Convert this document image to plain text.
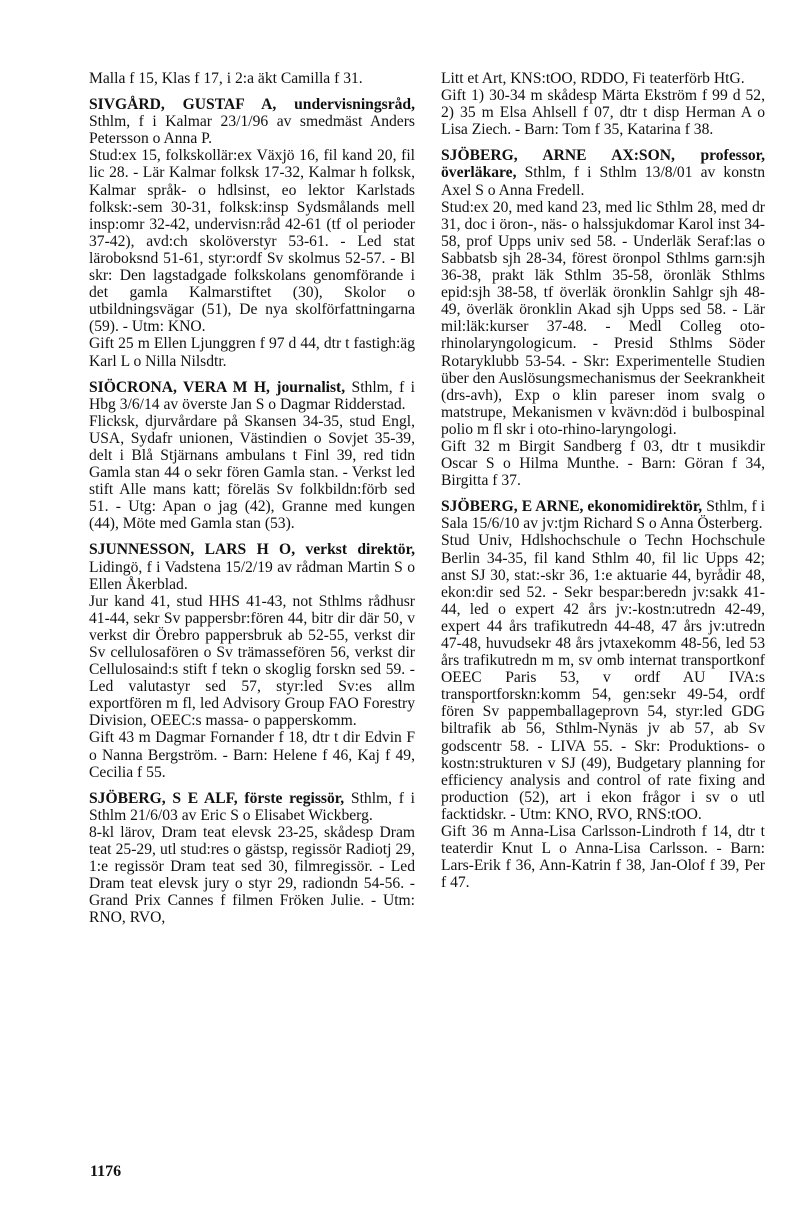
Malla f 15, Klas f 17, i 2:a äkt Camilla f 31.
SIVGÅRD, GUSTAF A, undervisningsråd, Sthlm, f i Kalmar 23/1/96 av smedmäst Anders Petersson o Anna P.
Stud:ex 15, folkskollär:ex Växjö 16, fil kand 20, fil lic 28. - Lär Kalmar folksk 17-32, Kalmar h folksk, Kalmar språk- o hdlsinst, eo lektor Karlstads folksk:-sem 30-31, folksk:insp Sydsmålands mell insp:omr 32-42, undervisn:råd 42-61 (tf ol perioder 37-42), avd:ch skolöverstyr 53-61. - Led stat läroboksnd 51-61, styr:ordf Sv skolmus 52-57. - Bl skr: Den lagstadgade folkskolans genomförande i det gamla Kalmarstiftet (30), Skolor o utbildningsvägar (51), De nya skolförfattningarna (59). - Utm: KNO.
Gift 25 m Ellen Ljunggren f 97 d 44, dtr t fastigh:äg Karl L o Nilla Nilsdtr.
SIÖCRONA, VERA M H, journalist, Sthlm, f i Hbg 3/6/14 av överste Jan S o Dagmar Ridderstad.
Flicksk, djurvårdare på Skansen 34-35, stud Engl, USA, Sydafr unionen, Västindien o Sovjet 35-39, delt i Blå Stjärnans ambulans t Finl 39, red tidn Gamla stan 44 o sekr fören Gamla stan. - Verkst led stift Alle mans katt; föreläs Sv folkbildn:förb sed 51. - Utg: Apan o jag (42), Granne med kungen (44), Möte med Gamla stan (53).
SJUNNESSON, LARS H O, verkst direktör, Lidingö, f i Vadstena 15/2/19 av rådman Martin S o Ellen Åkerblad.
Jur kand 41, stud HHS 41-43, not Sthlms rådhusr 41-44, sekr Sv pappersbr:fören 44, bitr dir där 50, v verkst dir Örebro pappersbruk ab 52-55, verkst dir Sv cellulosafören o Sv trämassefören 56, verkst dir Cellulosaind:s stift f tekn o skoglig forskn sed 59. - Led valutastyr sed 57, styr:led Sv:es allm exportfören m fl, led Advisory Group FAO Forestry Division, OEEC:s massa- o papperskomm.
Gift 43 m Dagmar Fornander f 18, dtr t dir Edvin F o Nanna Bergström. - Barn: Helene f 46, Kaj f 49, Cecilia f 55.
SJÖBERG, S E ALF, förste regissör, Sthlm, f i Sthlm 21/6/03 av Eric S o Elisabet Wickberg.
8-kl lärov, Dram teat elevsk 23-25, skådesp Dram teat 25-29, utl stud:res o gästsp, regissör Radiotj 29, 1:e regissör Dram teat sed 30, filmregissör. - Led Dram teat elevsk jury o styr 29, radiondn 54-56. - Grand Prix Cannes f filmen Fröken Julie. - Utm: RNO, RVO,
Litt et Art, KNS:tOO, RDDO, Fi teaterförb HtG.
Gift 1) 30-34 m skådesp Märta Ekström f 99 d 52, 2) 35 m Elsa Ahlsell f 07, dtr t disp Herman A o Lisa Ziech. - Barn: Tom f 35, Katarina f 38.
SJÖBERG, ARNE AX:SON, professor, överläkare, Sthlm, f i Sthlm 13/8/01 av konstn Axel S o Anna Fredell.
Stud:ex 20, med kand 23, med lic Sthlm 28, med dr 31, doc i öron-, näs- o halssjukdomar Karol inst 34-58, prof Upps univ sed 58. - Underläk Seraf:las o Sabbatsb sjh 28-34, förest öronpol Sthlms garn:sjh 36-38, prakt läk Sthlm 35-58, öronläk Sthlms epid:sjh 38-58, tf överläk öronklin Sahlgr sjh 48-49, överläk öronklin Akad sjh Upps sed 58. - Lär mil:läk:kurser 37-48. - Medl Colleg oto-rhinolaryngologicum. - Presid Sthlms Söder Rotaryklubb 53-54. - Skr: Experimentelle Studien über den Auslösungsmechanismus der Seekrankheit (drs-avh), Exp o klin pareser inom svalg o matstrupe, Mekanismen v kvävn:död i bulbospinal polio m fl skr i oto-rhino-laryngologi.
Gift 32 m Birgit Sandberg f 03, dtr t musikdir Oscar S o Hilma Munthe. - Barn: Göran f 34, Birgitta f 37.
SJÖBERG, E ARNE, ekonomidirektör, Sthlm, f i Sala 15/6/10 av jv:tjm Richard S o Anna Österberg.
Stud Univ, Hdlshochschule o Techn Hochschule Berlin 34-35, fil kand Sthlm 40, fil lic Upps 42; anst SJ 30, stat:-skr 36, 1:e aktuarie 44, byrådir 48, ekon:dir sed 52. - Sekr bespar:beredn jv:sakk 41-44, led o expert 42 års jv:-kostn:utredn 42-49, expert 44 års trafikutredn 44-48, 47 års jv:utredn 47-48, huvudsekr 48 års jvtaxekomm 48-56, led 53 års trafikutredn m m, sv omb internat transportkonf OEEC Paris 53, v ordf AU IVA:s transportforskn:komm 54, gen:sekr 49-54, ordf fören Sv pappemballageprovn 54, styr:led GDG biltrafik ab 56, Sthlm-Nynäs jv ab 57, ab Sv godscentr 58. - LIVA 55. - Skr: Produktions- o kostn:strukturen v SJ (49), Budgetary planning for efficiency analysis and control of rate fixing and production (52), art i ekon frågor i sv o utl facktidskr. - Utm: KNO, RVO, RNS:tOO.
Gift 36 m Anna-Lisa Carlsson-Lindroth f 14, dtr t teaterdir Knut L o Anna-Lisa Carlsson. - Barn: Lars-Erik f 36, Ann-Katrin f 38, Jan-Olof f 39, Per f 47.
1176
